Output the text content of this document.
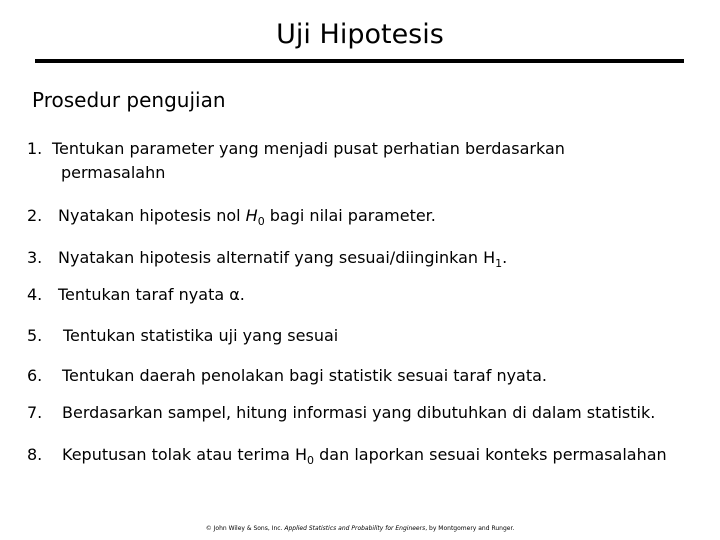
Uji Hipotesis
Prosedur pengujian
1. Tentukan parameter yang menjadi pusat perhatian berdasarkan
permasalahn
2. Nyatakan hipotesis nol $H_0$ bagi nilai parameter.
3. Nyatakan hipotesis alternatif yang sesuai/diinginkan $H_1$.
4. Tentukan taraf nyata α.
5. Tentukan statistika uji yang sesuai
6. Tentukan daerah penolakan bagi statistik sesuai taraf nyata.
7. Berdasarkan sampel, hitung informasi yang dibutuhkan di dalam statistik.
8. Keputusan tolak atau terima $H_0$ dan laporkan sesuai konteks permasalahan
© John Wiley & Sons, Inc. Applied Statistics and Probability for Engineers, by Montgomery and Runger.
